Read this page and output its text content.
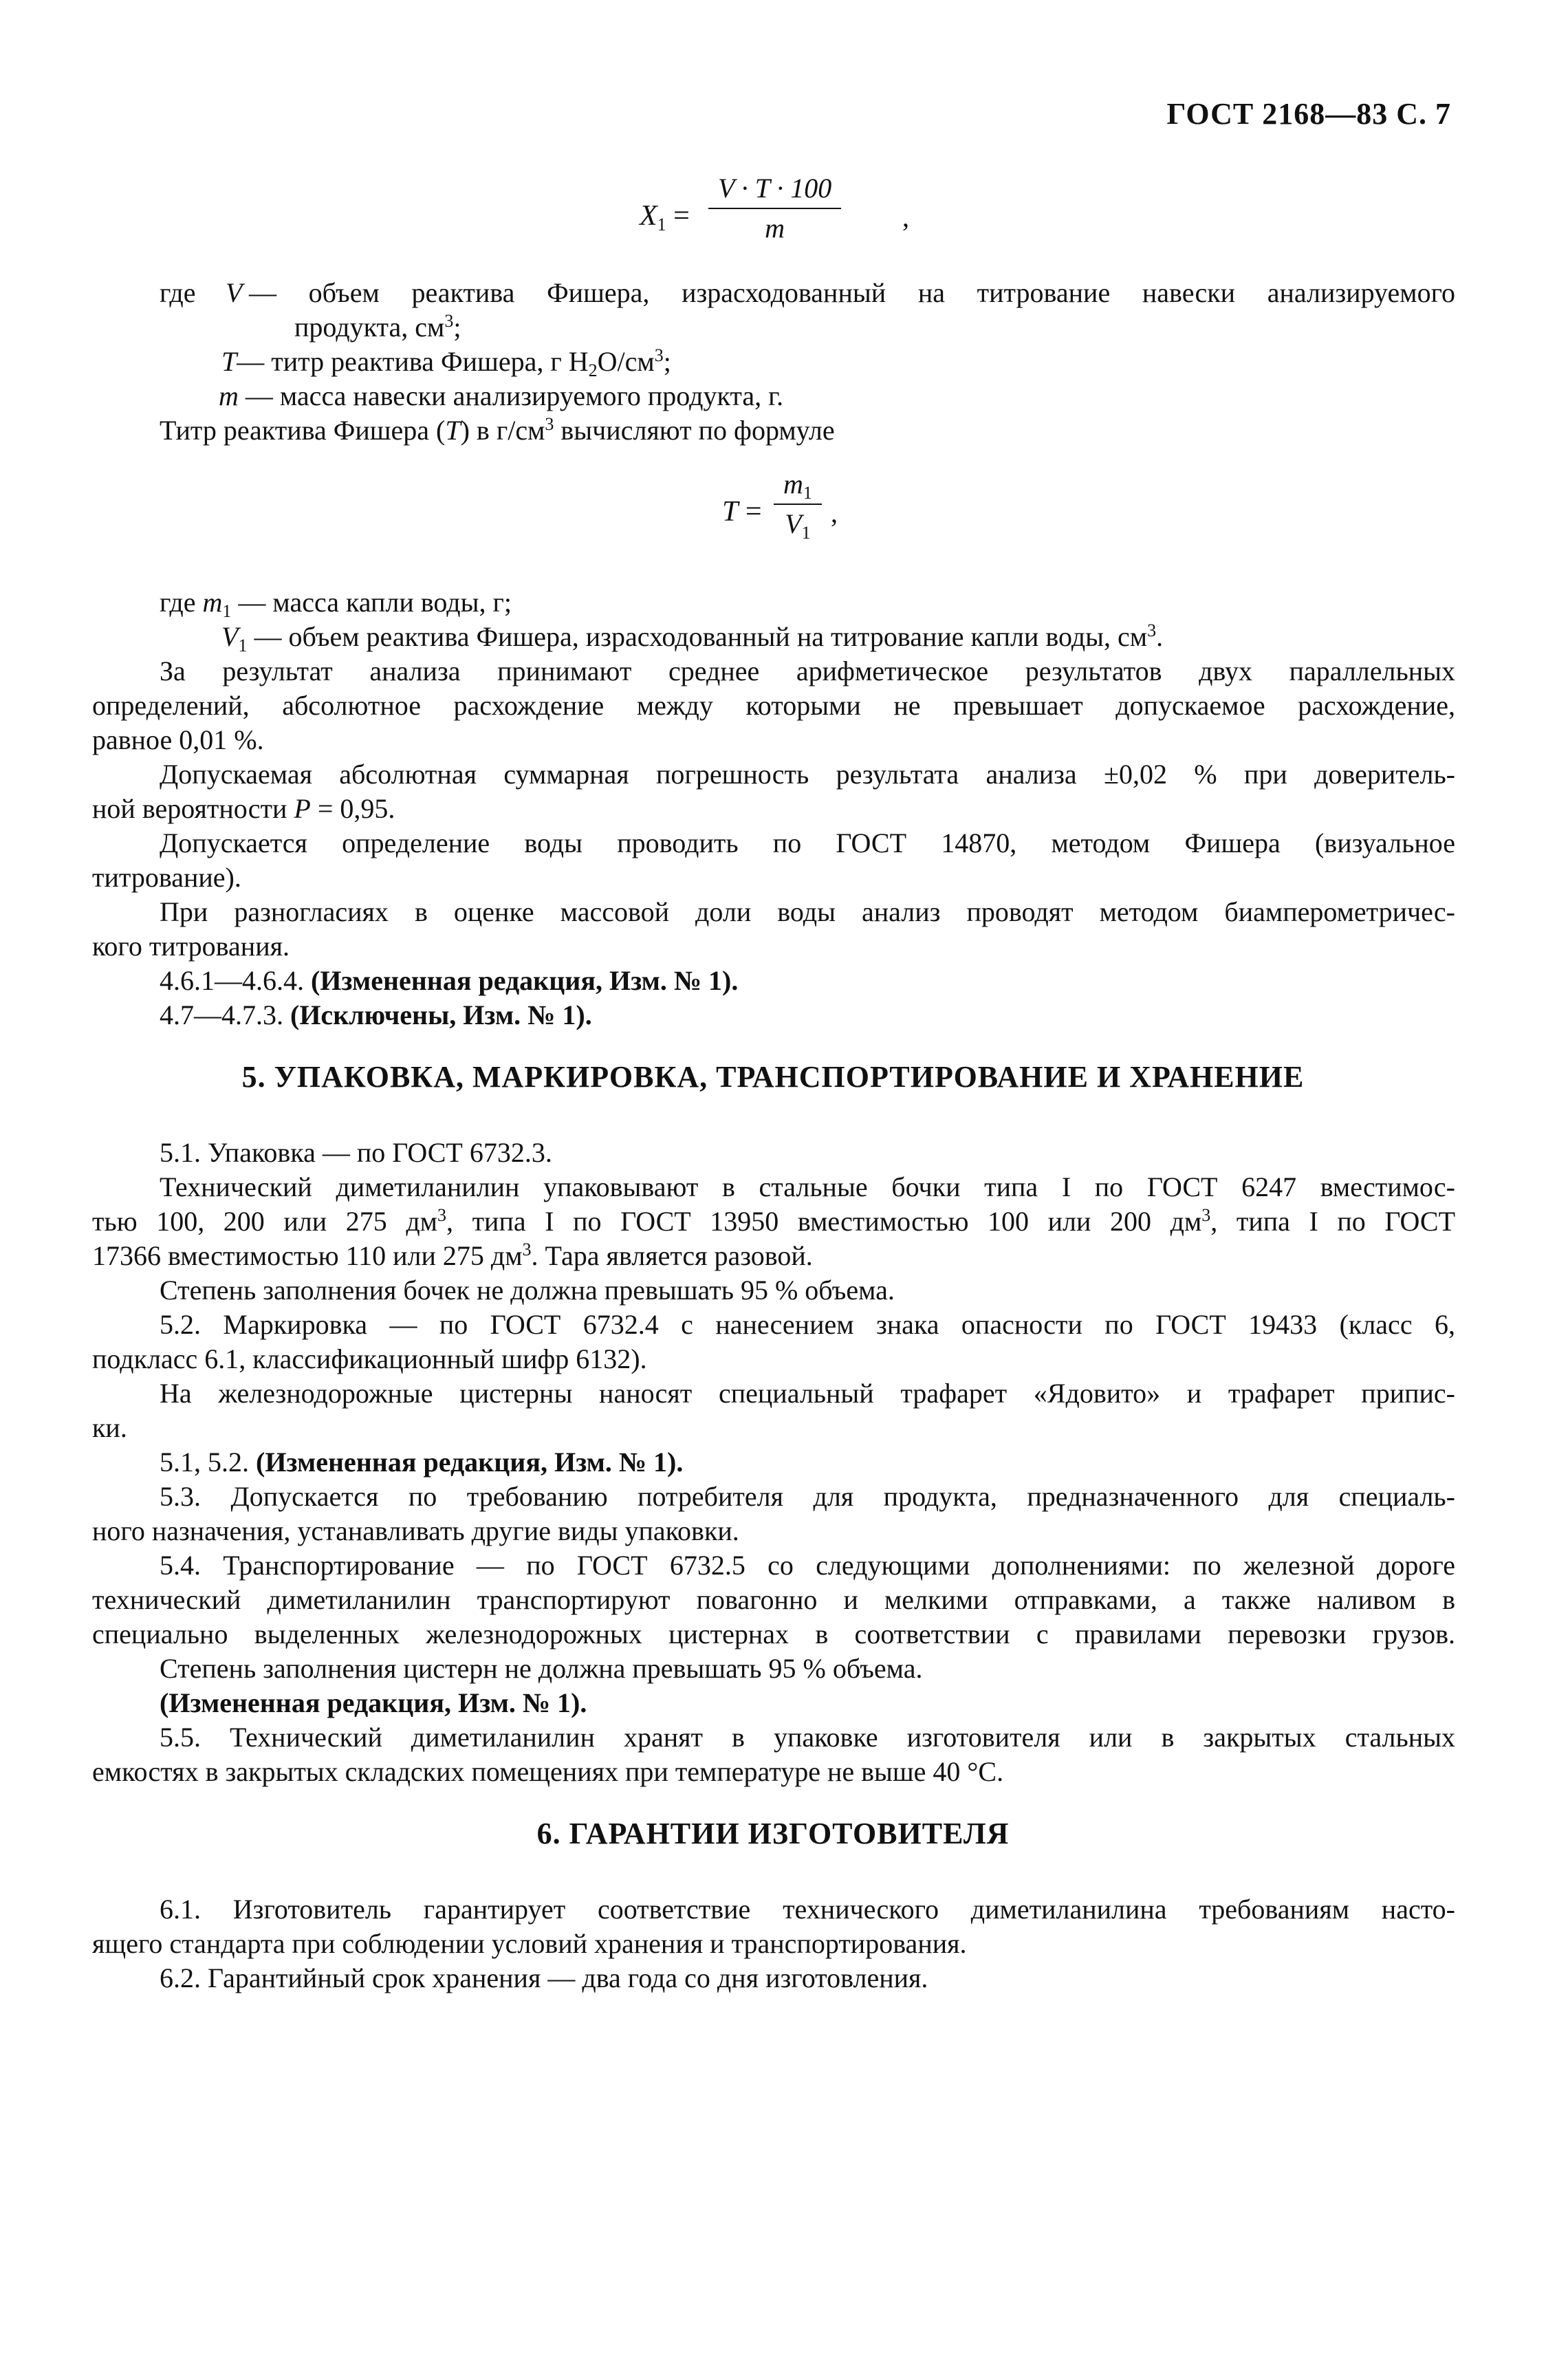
ГОСТ 2168—83 С. 7
$X_1 = \frac{V \cdot T \cdot 100}{m}$ ,
где V — объем реактива Фишера, израсходованный на титрование навески анализируемого
продукта, $см^3$;
T— титр реактива Фишера, г $Н_2О/см^3$;
m — масса навески анализируемого продукта, г.
Титр реактива Фишера (T) в $г/см^3$ вычисляют по формуле
$T = \frac{m_1}{V_1}$ ,
где $m_1$ — масса капли воды, г;
$V_1$ — объем реактива Фишера, израсходованный на титрование капли воды, $см^3$.
За результат анализа принимают среднее арифметическое результатов двух параллельных
определений, абсолютное расхождение между которыми не превышает допускаемое расхождение,
равное 0,01 %.
Допускаемая абсолютная суммарная погрешность результата анализа ±0,02 % при доверитель-
ной вероятности P = 0,95.
Допускается определение воды проводить по ГОСТ 14870, методом Фишера (визуальное
титрование).
При разногласиях в оценке массовой доли воды анализ проводят методом биамперометричес-
кого титрования.
4.6.1—4.6.4. (Измененная редакция, Изм. № 1).
4.7—4.7.3. (Исключены, Изм. № 1).
5. УПАКОВКА, МАРКИРОВКА, ТРАНСПОРТИРОВАНИЕ И ХРАНЕНИЕ
5.1. Упаковка — по ГОСТ 6732.3.
Технический диметиланилин упаковывают в стальные бочки типа I по ГОСТ 6247 вместимос-
тью 100, 200 или 275 $дм^3$, типа I по ГОСТ 13950 вместимостью 100 или 200 $дм^3$, типа I по ГОСТ
17366 вместимостью 110 или 275 $дм^3$. Тара является разовой.
Степень заполнения бочек не должна превышать 95 % объема.
5.2. Маркировка — по ГОСТ 6732.4 с нанесением знака опасности по ГОСТ 19433 (класс 6,
подкласс 6.1, классификационный шифр 6132).
На железнодорожные цистерны наносят специальный трафарет «Ядовито» и трафарет припис-
ки.
5.1, 5.2. (Измененная редакция, Изм. № 1).
5.3. Допускается по требованию потребителя для продукта, предназначенного для специаль-
ного назначения, устанавливать другие виды упаковки.
5.4. Транспортирование — по ГОСТ 6732.5 со следующими дополнениями: по железной дороге
технический диметиланилин транспортируют повагонно и мелкими отправками, а также наливом в
специально выделенных железнодорожных цистернах в соответствии с правилами перевозки грузов.
Степень заполнения цистерн не должна превышать 95 % объема.
(Измененная редакция, Изм. № 1).
5.5. Технический диметиланилин хранят в упаковке изготовителя или в закрытых стальных
емкостях в закрытых складских помещениях при температуре не выше 40 °С.
6. ГАРАНТИИ ИЗГОТОВИТЕЛЯ
6.1. Изготовитель гарантирует соответствие технического диметиланилина требованиям насто-
ящего стандарта при соблюдении условий хранения и транспортирования.
6.2. Гарантийный срок хранения — два года со дня изготовления.
